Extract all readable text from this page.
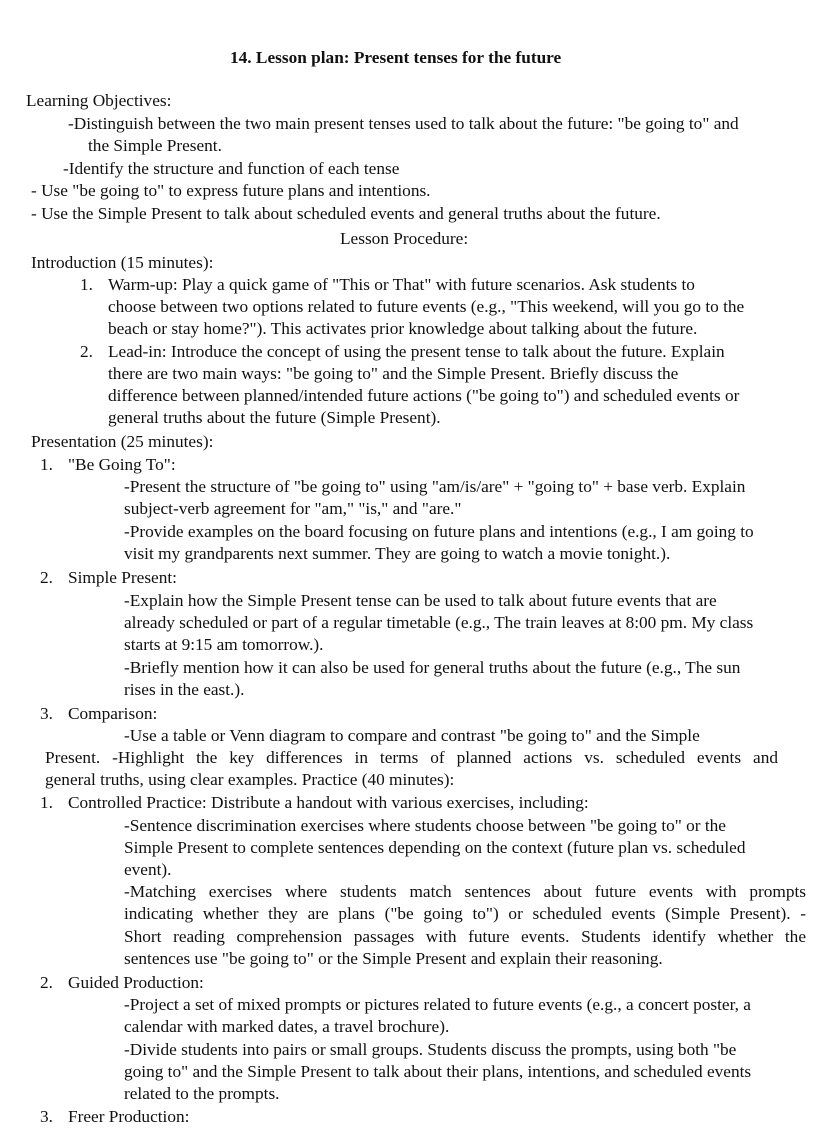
14. Lesson plan: Present tenses for the future
Learning Objectives:
-Distinguish between the two main present tenses used to talk about the future: "be going to" and
the Simple Present.
-Identify the structure and function of each tense
- Use "be going to" to express future plans and intentions.
- Use the Simple Present to talk about scheduled events and general truths about the future.
Lesson Procedure:
Introduction (15 minutes):
1. Warm-up: Play a quick game of "This or That" with future scenarios. Ask students to
choose between two options related to future events (e.g., "This weekend, will you go to the
beach or stay home?"). This activates prior knowledge about talking about the future.
2. Lead-in: Introduce the concept of using the present tense to talk about the future. Explain
there are two main ways: "be going to" and the Simple Present. Briefly discuss the
difference between planned/intended future actions ("be going to") and scheduled events or
general truths about the future (Simple Present).
Presentation (25 minutes):
1. "Be Going To":
-Present the structure of "be going to" using "am/is/are" + "going to" + base verb. Explain
subject-verb agreement for "am," "is," and "are."
-Provide examples on the board focusing on future plans and intentions (e.g., I am going to
visit my grandparents next summer. They are going to watch a movie tonight.).
2. Simple Present:
-Explain how the Simple Present tense can be used to talk about future events that are
already scheduled or part of a regular timetable (e.g., The train leaves at 8:00 pm. My class
starts at 9:15 am tomorrow.).
-Briefly mention how it can also be used for general truths about the future (e.g., The sun
rises in the east.).
3. Comparison:
-Use a table or Venn diagram to compare and contrast "be going to" and the Simple
Present. -Highlight the key differences in terms of planned actions vs. scheduled events and
general truths, using clear examples. Practice (40 minutes):
1. Controlled Practice: Distribute a handout with various exercises, including:
-Sentence discrimination exercises where students choose between "be going to" or the
Simple Present to complete sentences depending on the context (future plan vs. scheduled
event).
-Matching exercises where students match sentences about future events with prompts
indicating whether they are plans ("be going to") or scheduled events (Simple Present). -
Short reading comprehension passages with future events. Students identify whether the
sentences use "be going to" or the Simple Present and explain their reasoning.
2. Guided Production:
-Project a set of mixed prompts or pictures related to future events (e.g., a concert poster, a
calendar with marked dates, a travel brochure).
-Divide students into pairs or small groups. Students discuss the prompts, using both "be
going to" and the Simple Present to talk about their plans, intentions, and scheduled events
related to the prompts.
3. Freer Production:
